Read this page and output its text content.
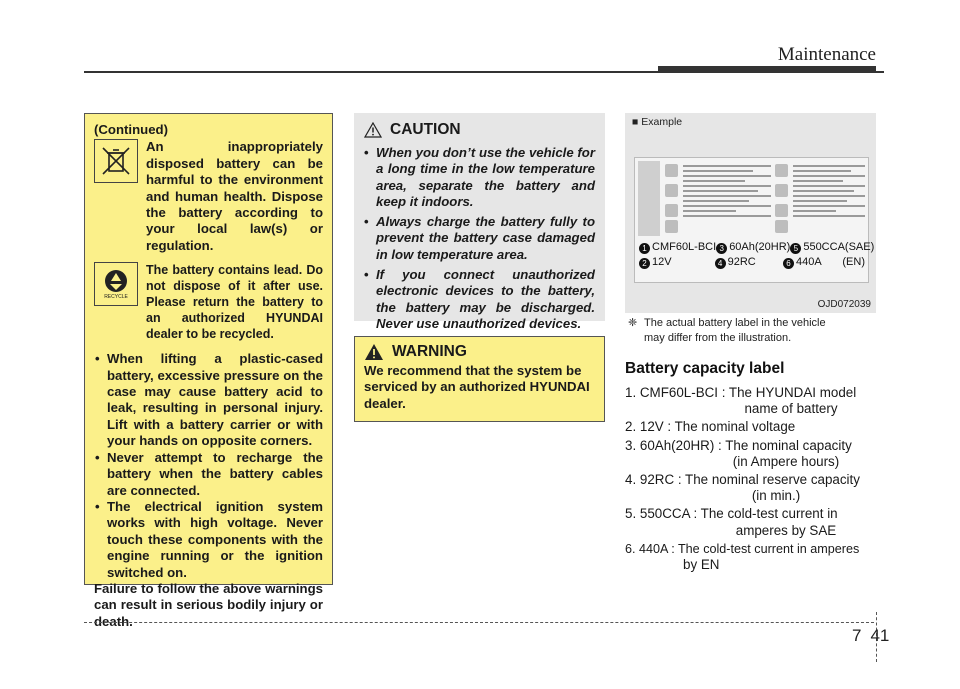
Maintenance
(Continued)
An inappropriately disposed battery can be harmful to the environment and human health. Dispose the battery according to your local law(s) or regulation.
RECYCLE
The battery contains lead. Do not dispose of it after use. Please return the battery to an authorized HYUNDAI dealer to be recycled.
• When lifting a plastic-cased battery, excessive pressure on the case may cause battery acid to leak, resulting in personal injury. Lift with a battery carrier or with your hands on opposite corners.
• Never attempt to recharge the battery when the battery cables are connected.
• The electrical ignition system works with high voltage. Never touch these components with the engine running or the ignition switched on.
Failure to follow the above warnings can result in serious bodily injury or death.
CAUTION
• When you don’t use the vehicle for a long time in the low temperature area, separate the battery and keep it indoors.
• Always charge the battery fully to prevent the battery case damaged in low temperature area.
• If you connect unauthorized electronic devices to the battery, the battery may be discharged. Never use unauthorized devices.
WARNING
We recommend that the system be serviced by an authorized HYUNDAI dealer.
■ Example
1 CMF60L-BCI 3 60Ah(20HR) 5 550CCA (SAE)
2 12V	4 92RC	6 440A	(EN)
OJD072039
❈ The actual battery label in the vehicle
may differ from the illustration.
Battery capacity label
1. CMF60L-BCI : The HYUNDAI model
name of battery
2. 12V : The nominal voltage
3. 60Ah(20HR) : The nominal capacity
(in Ampere hours)
4. 92RC : The nominal reserve capacity
(in min.)
5. 550CCA : The cold-test current in
amperes by SAE
6. 440A : The cold-test current in amperes
by EN
7 41
